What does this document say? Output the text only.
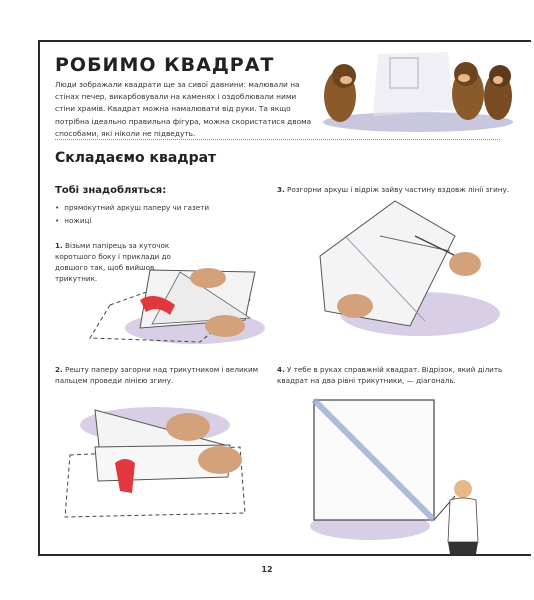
РОБИМО КВАДРАТ
Люди зображали квадрати ще за сивої давнини: малювали на стінах печер, викарбовували на каменях і оздоблювали ними стіни храмів. Квадрат можна намалювати від руки. Та якщо потрібна ідеально правильна фігура, можна скористатися двома способами, які ніколи не підведуть.
Складаємо квадрат
Тобі знадобляться:
• прямокутний аркуш паперу чи газети
• ножиці
1. Візьми папірець за куточок коротшого боку і приклади до довшого так, щоб вийшов трикутник.
3. Розгорни аркуш і відріж зайву частину вздовж лінії згину.
2. Решту паперу загорни над трикутником і великим пальцем проведи лінією згину.
4. У тебе в руках справжній квадрат. Відрізок, який ділить квадрат на два рівні трикутники, — діагональ.
12
